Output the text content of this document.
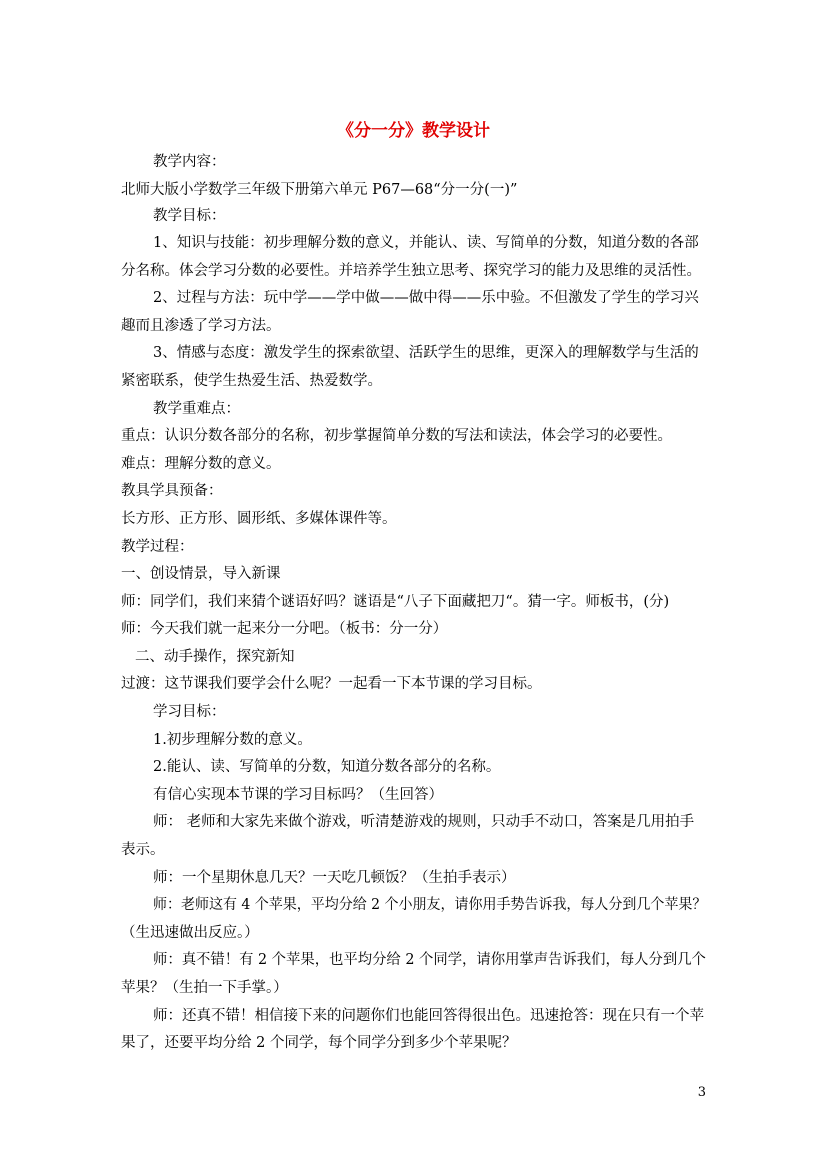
《分一分》教学设计
教学内容：
北师大版小学数学三年级下册第六单元 P67—68“分一分(一)”
教学目标：
1、知识与技能：初步理解分数的意义，并能认、读、写简单的分数，知道分数的各部
分名称。体会学习分数的必要性。并培养学生独立思考、探究学习的能力及思维的灵活性。
2、过程与方法：玩中学——学中做——做中得——乐中验。不但激发了学生的学习兴
趣而且渗透了学习方法。
3、情感与态度：激发学生的探索欲望、活跃学生的思维，更深入的理解数学与生活的
紧密联系，使学生热爱生活、热爱数学。
教学重难点：
重点：认识分数各部分的名称，初步掌握简单分数的写法和读法，体会学习的必要性。
难点：理解分数的意义。
教具学具预备：
长方形、正方形、圆形纸、多媒体课件等。
教学过程：
一、创设情景，导入新课
师：同学们，我们来猜个谜语好吗？谜语是“八子下面藏把刀“。猜一字。师板书，(分)
师：今天我们就一起来分一分吧。（板书：分一分）
二、动手操作，探究新知
过渡：这节课我们要学会什么呢？一起看一下本节课的学习目标。
学习目标：
1.初步理解分数的意义。
2.能认、读、写简单的分数，知道分数各部分的名称。
有信心实现本节课的学习目标吗？（生回答）
师： 老师和大家先来做个游戏，听清楚游戏的规则，只动手不动口，答案是几用拍手
表示。
师：一个星期休息几天？一天吃几顿饭？（生拍手表示）
师：老师这有 4 个苹果，平均分给 2 个小朋友，请你用手势告诉我，每人分到几个苹果？
（生迅速做出反应。）
师：真不错！有 2 个苹果，也平均分给 2 个同学，请你用掌声告诉我们，每人分到几个
苹果？（生拍一下手掌。）
师：还真不错！相信接下来的问题你们也能回答得很出色。迅速抢答：现在只有一个苹
果了，还要平均分给 2 个同学，每个同学分到多少个苹果呢？
3
